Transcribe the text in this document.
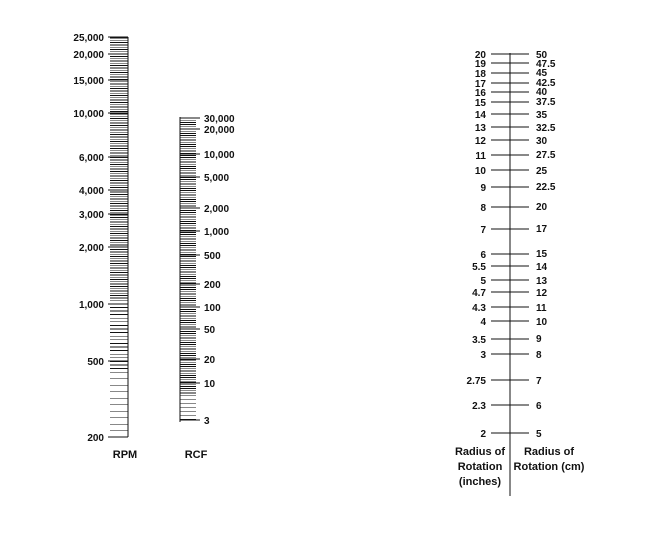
25,000
20,000
15,000
10,000
6,000
4,000
3,000
2,000
1,000
500
200
RPM
30,000
20,000
10,000
5,000
2,000
1,000
500
200
100
50
20
10
3
RCF
20
19
18
17
16
15
14
13
12
11
10
9
8
7
6
5.5
5
4.7
4.3
4
3.5
3
2.75
2.3
2
50
47.5
45
42.5
40
37.5
35
32.5
30
27.5
25
22.5
20
17
15
14
13
12
11
10
9
8
7
6
5
Radius of
Rotation
(inches)
Radius of
Rotation (cm)
